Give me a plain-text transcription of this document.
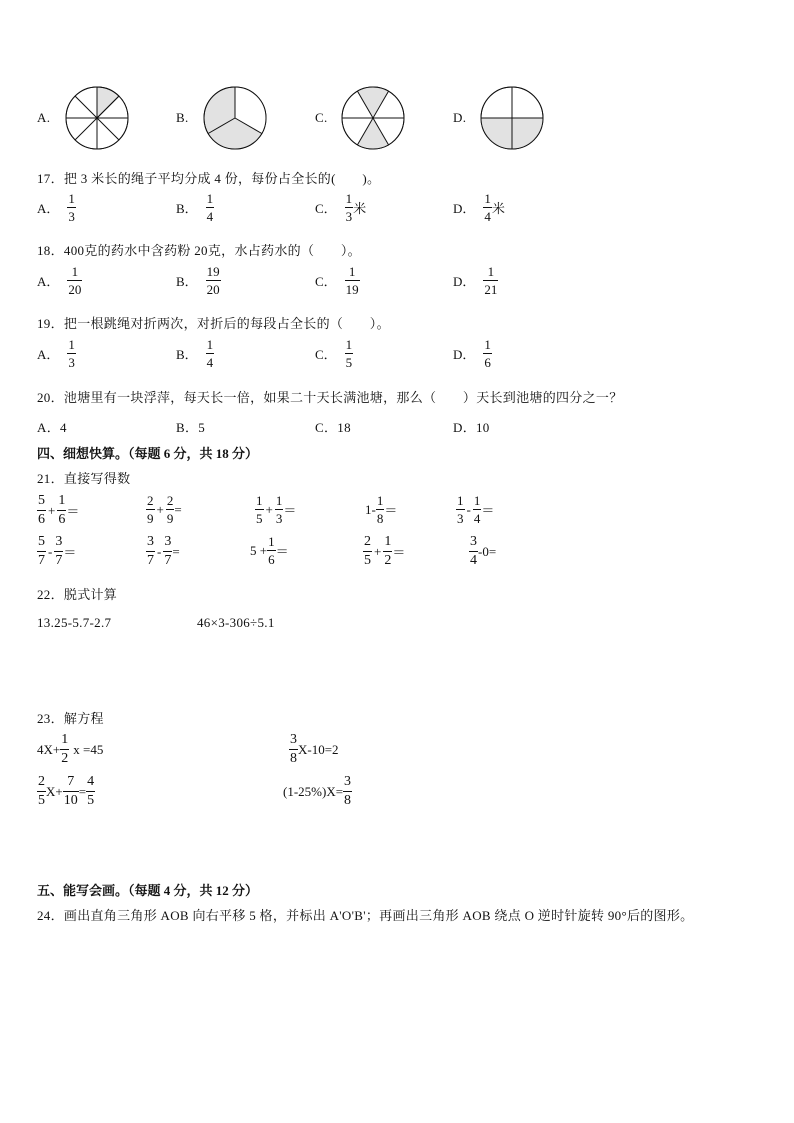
A.	B.	C.	D.
17．把 3 米长的绳子平均分成 4 份，每份占全长的(　　)。
A． $\frac{1}{3}$	B． $\frac{1}{4}$	C． $\frac{1}{3}$ 米	D． $\frac{1}{4}$ 米
18．400克的药水中含药粉 20克，水占药水的（　　）。
A． $\frac{1}{20}$	B． $\frac{19}{20}$	C． $\frac{1}{19}$	D． $\frac{1}{21}$
19．把一根跳绳对折两次，对折后的每段占全长的（　　）。
A． $\frac{1}{3}$	B． $\frac{1}{4}$	C． $\frac{1}{5}$	D． $\frac{1}{6}$
20．池塘里有一块浮萍，每天长一倍，如果二十天长满池塘，那么（　　）天长到池塘的四分之一？
A．4	B．5	C．18	D．10
四、细想快算。（每题 6 分，共 18 分）
21．直接写得数
$\frac{5}{6} + \frac{1}{6}$ ＝	$\frac{2}{9} + \frac{2}{9}$ =	$\frac{1}{5} + \frac{1}{3}$ ＝	$1- \frac{1}{8}$ ＝	$\frac{1}{3} - \frac{1}{4}$ ＝
$\frac{5}{7} - \frac{3}{7}$ ＝	$\frac{3}{7} - \frac{3}{7}$ =	$5 + \frac{1}{6}$ ＝	$\frac{2}{5} + \frac{1}{2}$ ＝	$\frac{3}{4} -0=$
22．脱式计算
13.25-5.7-2.7	46×3-306÷5.1
23．解方程
$4X+ \frac{1}{2}$ x =45	$\frac{3}{8} X-10=2$
$\frac{2}{5} X+ \frac{7}{10} = \frac{4}{5}$	$(1-25\%)X= \frac{3}{8}$
五、能写会画。（每题 4 分，共 12 分）
24．画出直角三角形 AOB 向右平移 5 格，并标出 A'O'B'；再画出三角形 AOB 绕点 O 逆时针旋转 90°后的图形。
